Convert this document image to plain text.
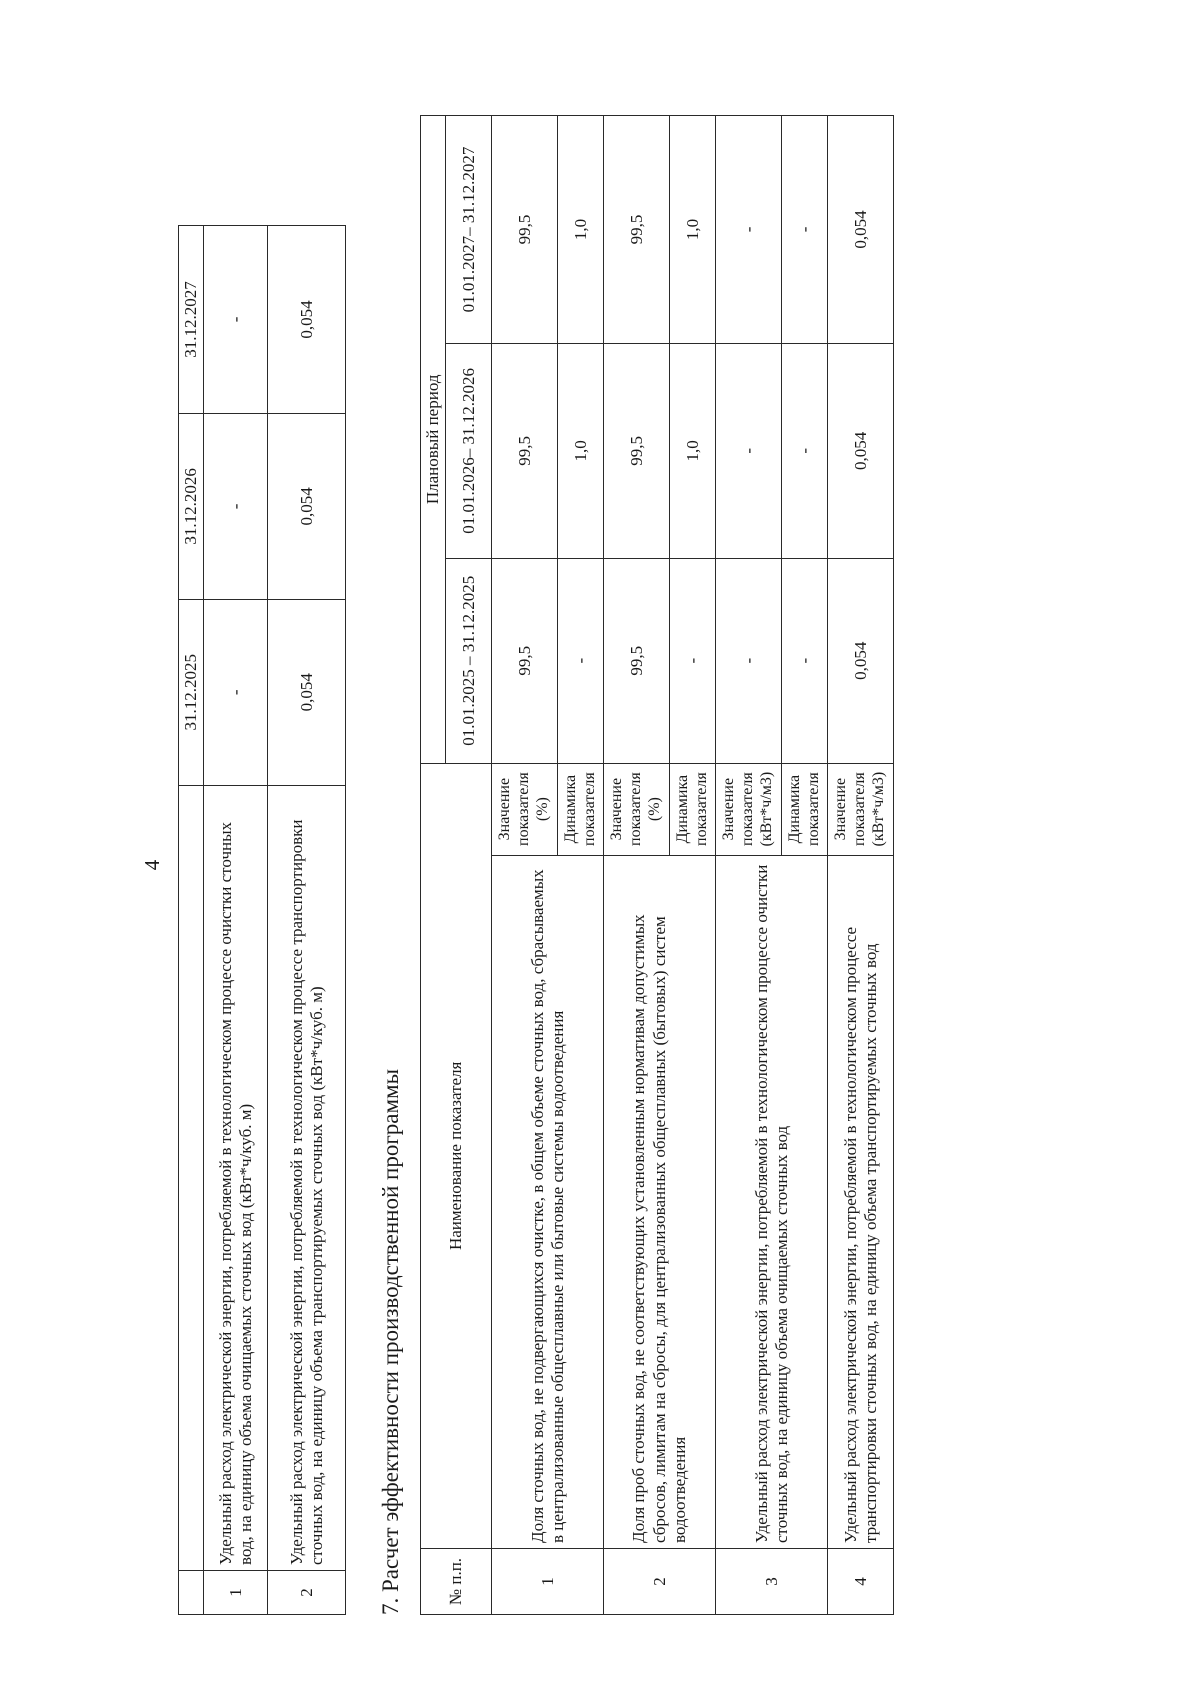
4
		31.12.2025	31.12.2026	31.12.2027
1	Удельный расход электрической энергии, потребляемой в технологическом процессе очистки сточных вод, на единицу объема очищаемых сточных вод (кВт*ч/куб. м)	-	-	-
2	Удельный расход электрической энергии, потребляемой в технологическом процессе транспортировки сточных вод, на единицу объема транспортируемых сточных вод (кВт*ч/куб. м)	0,054	0,054	0,054
7. Расчет эффективности производственной программы	№ п.п.	Наименование показателя		Плановый период		
			01.01.2025 – 31.12.2025	01.01.2026– 31.12.2026	01.01.2027– 31.12.2027
1	Доля сточных вод, не подвергающихся очистке, в общем объеме сточных вод, сбрасываемых в централизованные общесплавные или бытовые системы водоотведения	Значение показателя (%)	99,5	99,5	99,5
		Динамика показателя	-	1,0	1,0
2	Доля проб сточных вод, не соответствующих установленным нормативам допустимых сбросов, лимитам на сбросы, для централизованных общесплавных (бытовых) систем водоотведения	Значение показателя (%)	99,5	99,5	99,5
		Динамика показателя	-	1,0	1,0
3	Удельный расход электрической энергии, потребляемой в технологическом процессе очистки сточных вод, на единицу объема очищаемых сточных вод	Значение показателя (кВт*ч/м3)	-	-	-
		Динамика показателя	-	-	-
4	Удельный расход электрической энергии, потребляемой в технологическом процессе транспортировки сточных вод, на единицу объема транспортируемых сточных вод	Значение показателя (кВт*ч/м3)	0,054	0,054	0,054
